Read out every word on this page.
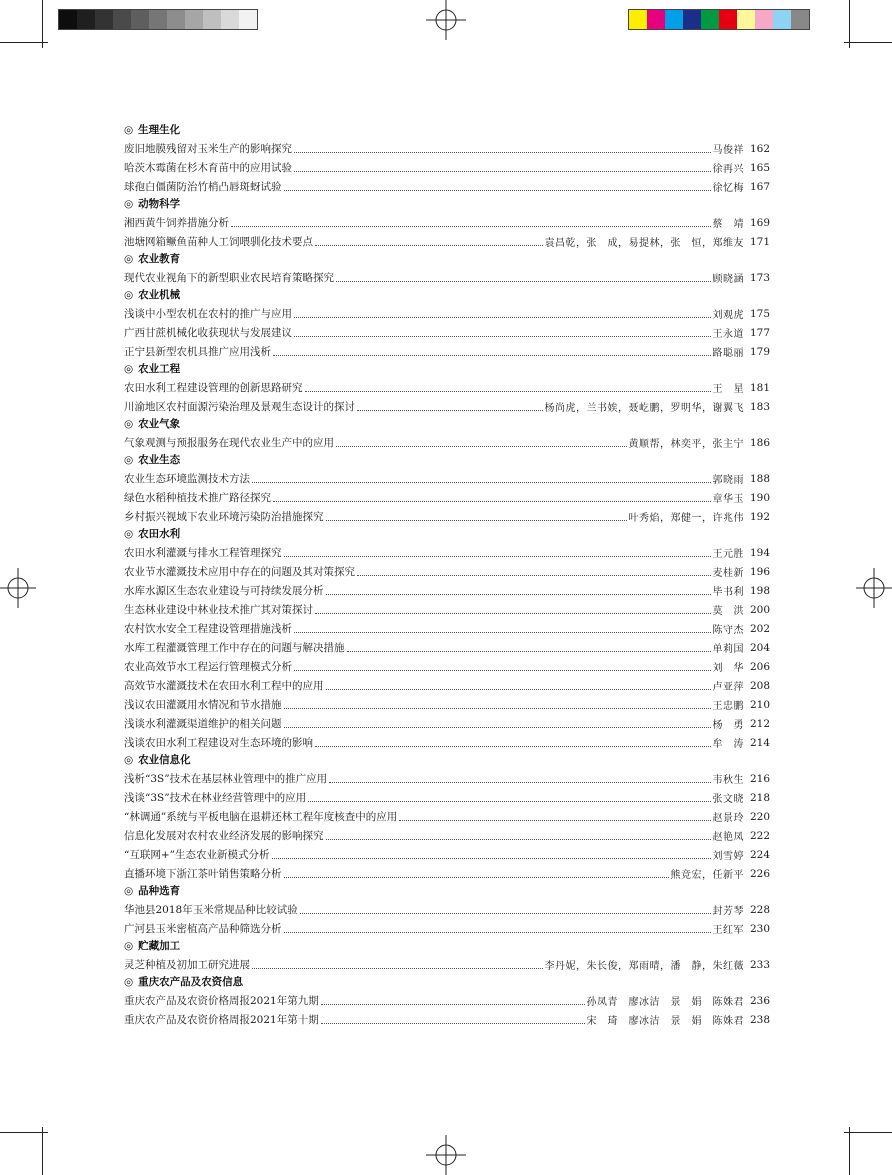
◎ 生理生化
废旧地膜残留对玉米生产的影响探究	马俊祥 162
哈茨木霉菌在杉木育苗中的应用试验	徐再兴 165
球孢白僵菌防治竹梢凸唇斑蚜试验	徐忆梅 167
◎ 动物科学
湘西黄牛饲养措施分析	蔡　靖 169
池塘网箱鳜鱼苗种人工饲喂驯化技术要点	袁昌乾，张　成，易提林，张　恒，郑维友 171
◎ 农业教育
现代农业视角下的新型职业农民培育策略探究	顾晓涵 173
◎ 农业机械
浅谈中小型农机在农村的推广与应用	刘观虎 175
广西甘蔗机械化收获现状与发展建议	王永道 177
正宁县新型农机具推广应用浅析	路聪丽 179
◎ 农业工程
农田水利工程建设管理的创新思路研究	王　星 181
川渝地区农村面源污染治理及景观生态设计的探讨	杨尚虎，兰书娭，聂屹鹏，罗明华，谢翼飞 183
◎ 农业气象
气象观测与预报服务在现代农业生产中的应用	黄顺帮，林奕平，张主宁 186
◎ 农业生态
农业生态环境监测技术方法	郭晓雨 188
绿色水稻种植技术推广路径探究	章华玉 190
乡村振兴视域下农业环境污染防治措施探究	叶秀焰，郑健一，许兆伟 192
◎ 农田水利
农田水利灌溉与排水工程管理探究	王元胜 194
农业节水灌溉技术应用中存在的问题及其对策探究	麦桂新 196
水库水源区生态农业建设与可持续发展分析	毕书利 198
生态林业建设中林业技术推广其对策探讨	莫　洪 200
农村饮水安全工程建设管理措施浅析	陈守杰 202
水库工程灌溉管理工作中存在的问题与解决措施	单莉国 204
农业高效节水工程运行管理模式分析	刘　华 206
高效节水灌溉技术在农田水利工程中的应用	卢亚萍 208
浅议农田灌溉用水情况和节水措施	王忠鹏 210
浅谈水利灌溉渠道维护的相关问题	杨　勇 212
浅谈农田水利工程建设对生态环境的影响	牟　涛 214
◎ 农业信息化
浅析“3S”技术在基层林业管理中的推广应用	韦秋生 216
浅谈“3S”技术在林业经营管理中的应用	张文晓 218
“林调通”系统与平板电脑在退耕还林工程年度核查中的应用	赵景玲 220
信息化发展对农村农业经济发展的影响探究	赵艳凤 222
“互联网+”生态农业新模式分析	刘雪婷 224
直播环境下浙江茶叶销售策略分析	熊竞宏，任新平 226
◎ 品种选育
华池县2018年玉米常规品种比较试验	封芳琴 228
广河县玉米密植高产品种筛选分析	王红军 230
◎ 贮藏加工
灵芝种植及初加工研究进展	李丹妮，朱长俊，郑雨晴，潘　静，朱红薇 233
◎ 重庆农产品及农资信息
重庆农产品及农资价格周报2021年第九期	孙凤青　廖冰洁　景　娟　陈姝君 236
重庆农产品及农资价格周报2021年第十期	宋　琦　廖冰洁　景　娟　陈姝君 238
